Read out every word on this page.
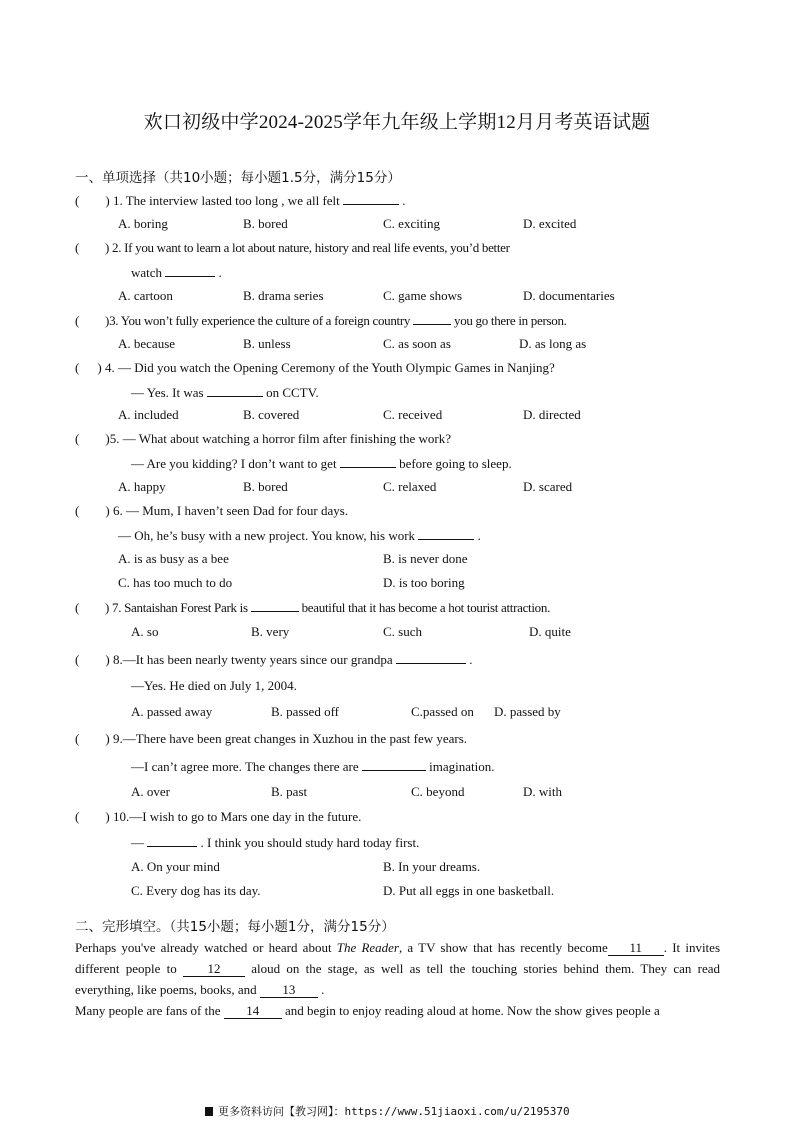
欢口初级中学2024-2025学年九年级上学期12月月考英语试题
一、单项选择（共10小题；每小题1.5分，满分15分）
( ) 1. The interview lasted too long , we all felt	.
A. boring	B. bored	C. exciting	D. excited
( ) 2. If you want to learn a lot about nature, history and real life events, you’d better
watch	.
A. cartoon	B. drama series	C. game shows	D. documentaries
( )3. You won’t fully experience the culture of a foreign country	you go there in person.
A. because	B. unless	C. as soon as	D. as long as
( ) 4. — Did you watch the Opening Ceremony of the Youth Olympic Games in Nanjing?
— Yes. It was	on CCTV.
A. included	B. covered	C. received	D. directed
( )5. — What about watching a horror film after finishing the work?
— Are you kidding? I don’t want to get	before going to sleep.
A. happy	B. bored	C. relaxed	D. scared
( ) 6. — Mum, I haven’t seen Dad for four days.
— Oh, he’s busy with a new project. You know, his work	.
A. is as busy as a bee	B. is never done
C. has too much to do	D. is too boring
( ) 7. Santaishan Forest Park is	beautiful that it has become a hot tourist attraction.
A. so	B. very	C. such	D. quite
( ) 8.—It has been nearly twenty years since our grandpa	.
—Yes. He died on July 1, 2004.
A. passed away	B. passed off	C.passed on D. passed by
( ) 9.—There have been great changes in Xuzhou in the past few years.
—I can’t agree more. The changes there are	imagination.
A. over	B. past	C. beyond	D. with
( ) 10.—I wish to go to Mars one day in the future.
—	. I think you should study hard today first.
A. On your mind	B. In your dreams.
C. Every dog has its day.	D. Put all eggs in one basketball.
二、完形填空。（共15小题；每小题1分，满分15分）
Perhaps you've already watched or heard about The Reader, a TV show that has recently become 11 . It invites different people to 12 aloud on the stage, as well as tell the touching stories behind them. They can read everything, like poems, books, and 13 .
Many people are fans of the 14 and begin to enjoy reading aloud at home. Now the show gives people a
更多资料访问【教习网】：https://www.51jiaoxi.com/u/2195370
